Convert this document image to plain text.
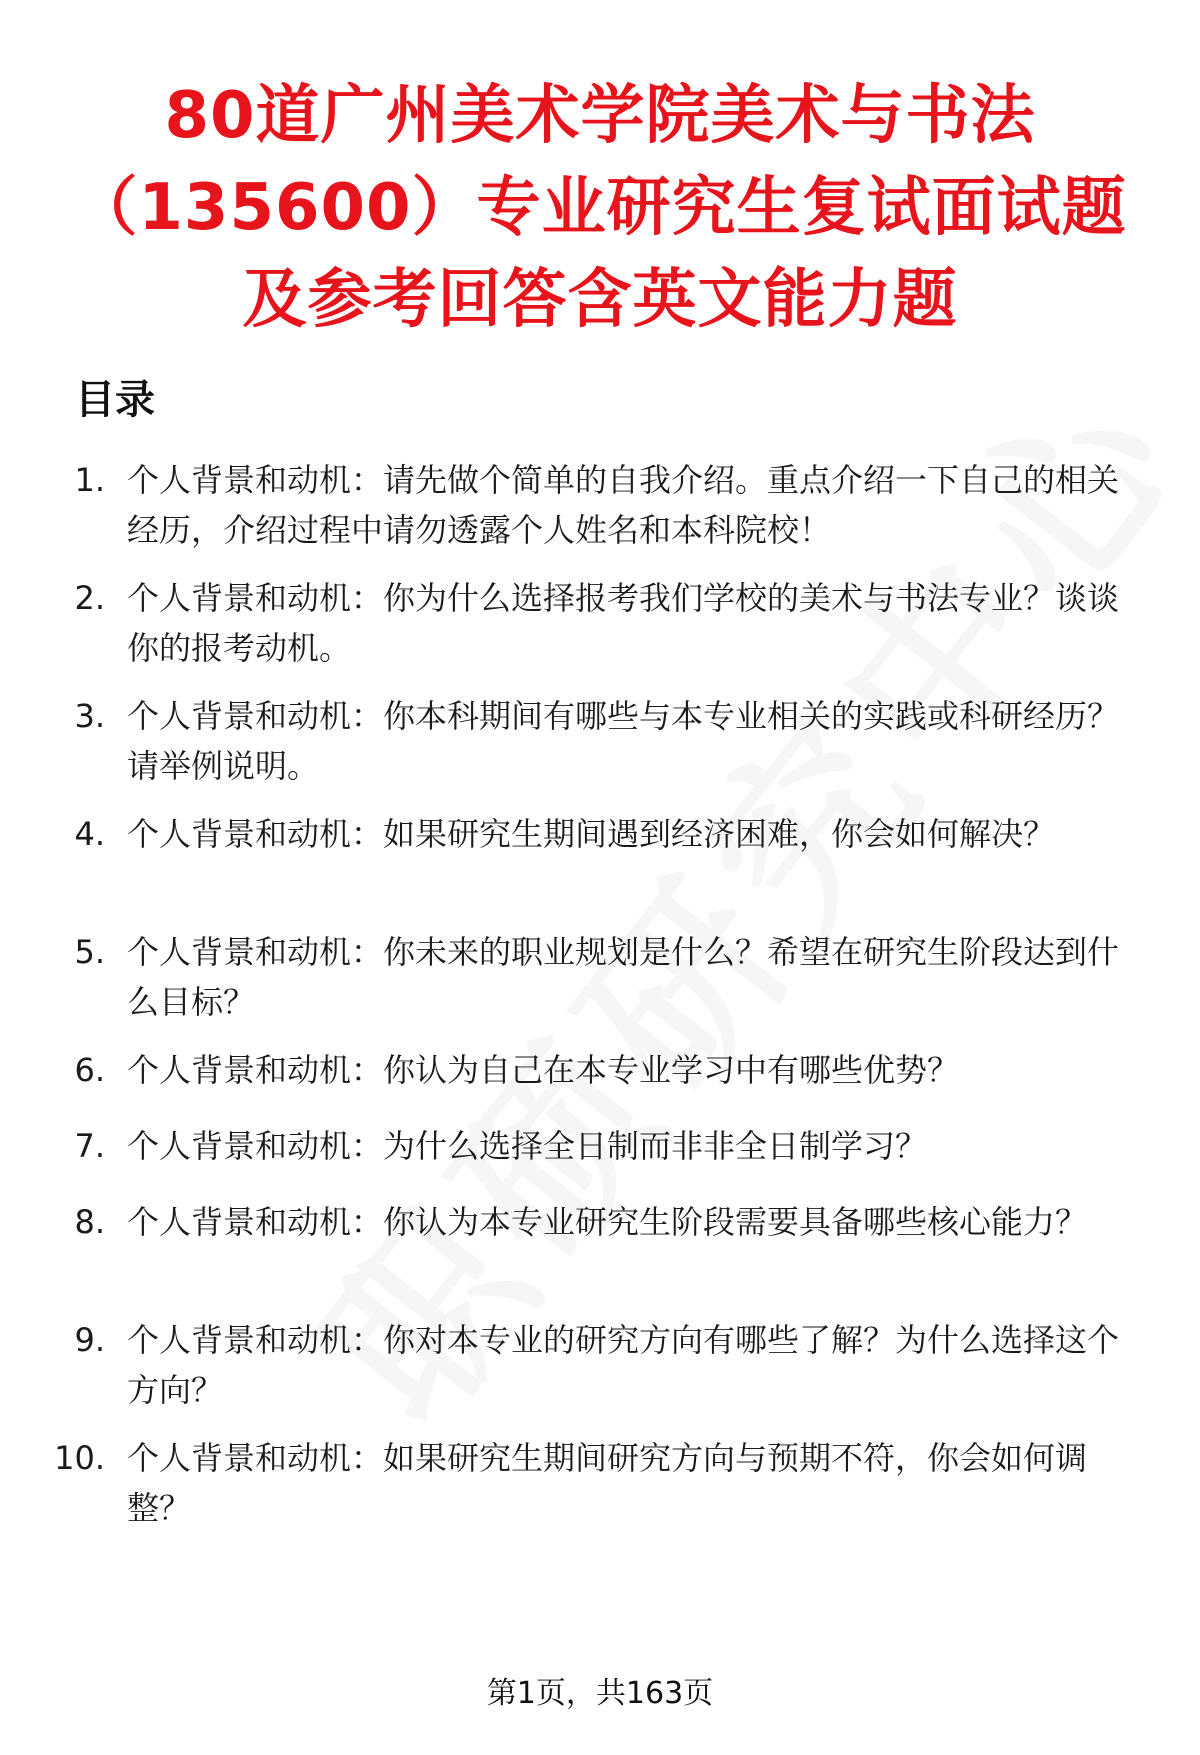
80道广州美术学院美术与书法
（135600）专业研究生复试面试题
及参考回答含英文能力题
目录
1. 个人背景和动机：请先做个简单的自我介绍。重点介绍一下自己的相关经历，介绍过程中请勿透露个人姓名和本科院校！
2. 个人背景和动机：你为什么选择报考我们学校的美术与书法专业？谈谈你的报考动机。
3. 个人背景和动机：你本科期间有哪些与本专业相关的实践或科研经历？请举例说明。
4. 个人背景和动机：如果研究生期间遇到经济困难，你会如何解决？
5. 个人背景和动机：你未来的职业规划是什么？希望在研究生阶段达到什么目标？
6. 个人背景和动机：你认为自己在本专业学习中有哪些优势？
7. 个人背景和动机：为什么选择全日制而非非全日制学习？
8. 个人背景和动机：你认为本专业研究生阶段需要具备哪些核心能力？
9. 个人背景和动机：你对本专业的研究方向有哪些了解？为什么选择这个方向？
10. 个人背景和动机：如果研究生期间研究方向与预期不符，你会如何调整？
第1页，共163页
